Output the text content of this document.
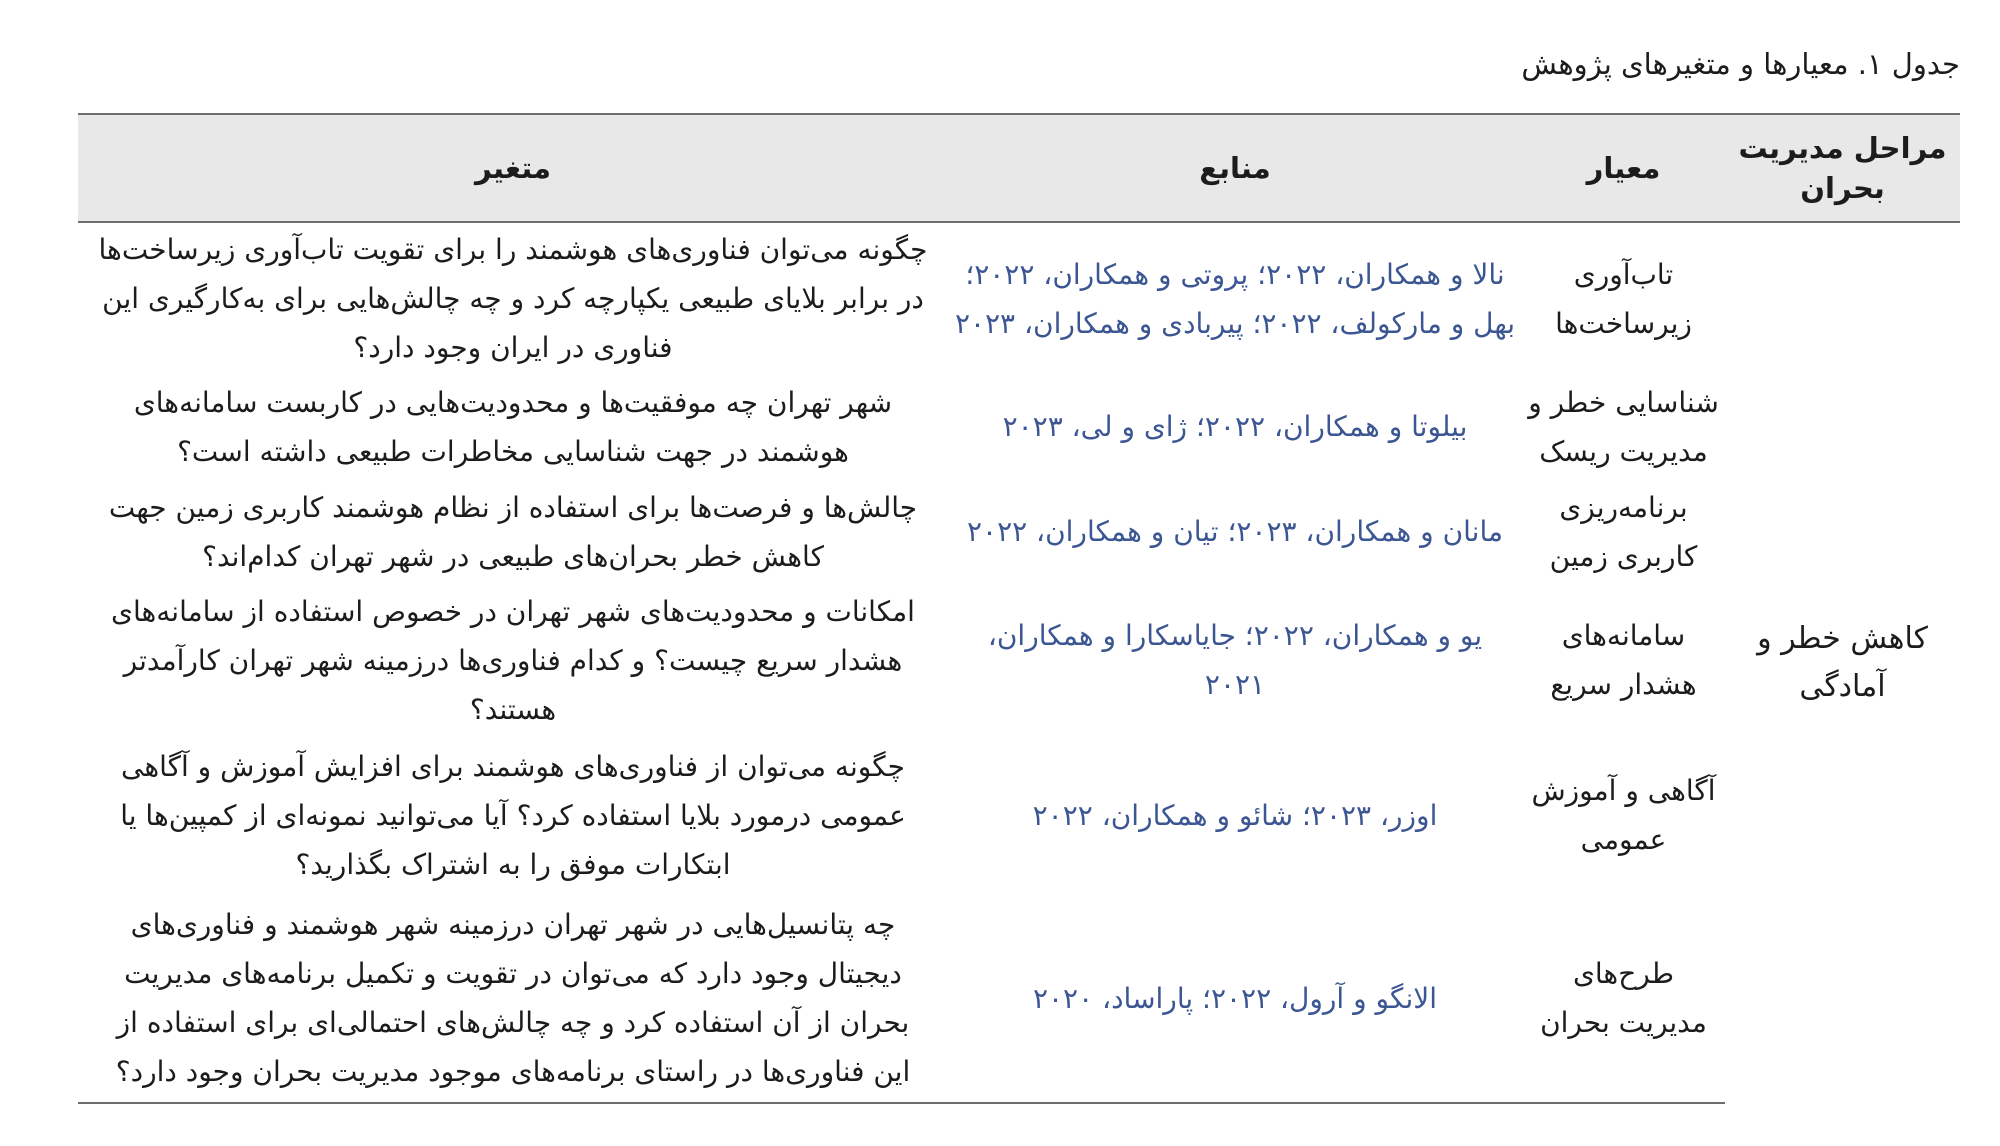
جدول ۱. معیارها و متغیرهای پژوهش
مراحل مدیریت بحران	معیار	منابع	متغیر
کاهش خطر و آمادگی	تاب‌آوری زیرساخت‌ها	نالا و همکاران، ۲۰۲۲؛ پروتی و همکاران، ۲۰۲۲؛ بهل و مارکولف، ۲۰۲۲؛ پیربادی و همکاران، ۲۰۲۳	چگونه می‌توان فناوری‌های هوشمند را برای تقویت تاب‌آوری زیرساخت‌ها در برابر بلایای طبیعی یکپارچه کرد و چه چالش‌هایی برای به‌کارگیری این فناوری در ایران وجود دارد؟
	شناسایی خطر و مدیریت ریسک	بیلوتا و همکاران، ۲۰۲۲؛ ژای و لی، ۲۰۲۳	شهر تهران چه موفقیت‌ها و محدودیت‌هایی در کاربست سامانه‌های هوشمند در جهت شناسایی مخاطرات طبیعی داشته است؟
	برنامه‌ریزی کاربری زمین	مانان و همکاران، ۲۰۲۳؛ تیان و همکاران، ۲۰۲۲	چالش‌ها و فرصت‌ها برای استفاده از نظام هوشمند کاربری زمین جهت کاهش خطر بحران‌های طبیعی در شهر تهران کدام‌اند؟
	سامانه‌های هشدار سریع	یو و همکاران، ۲۰۲۲؛ جایاسکارا و همکاران، ۲۰۲۱	امکانات و محدودیت‌های شهر تهران در خصوص استفاده از سامانه‌های هشدار سریع چیست؟ و کدام فناوری‌ها درزمینه شهر تهران کارآمدتر هستند؟
	آگاهی و آموزش عمومی	اوزر، ۲۰۲۳؛ شائو و همکاران، ۲۰۲۲	چگونه می‌توان از فناوری‌های هوشمند برای افزایش آموزش و آگاهی عمومی درمورد بلایا استفاده کرد؟ آیا می‌توانید نمونه‌ای از کمپین‌ها یا ابتکارات موفق را به اشتراک بگذارید؟
	طرح‌های مدیریت بحران	الانگو و آرول، ۲۰۲۲؛ پاراساد، ۲۰۲۰	چه پتانسیل‌هایی در شهر تهران درزمینه شهر هوشمند و فناوری‌های دیجیتال وجود دارد که می‌توان در تقویت و تکمیل برنامه‌های مدیریت بحران از آن استفاده کرد و چه چالش‌های احتمالی‌ای برای استفاده از این فناوری‌ها در راستای برنامه‌های موجود مدیریت بحران وجود دارد؟
